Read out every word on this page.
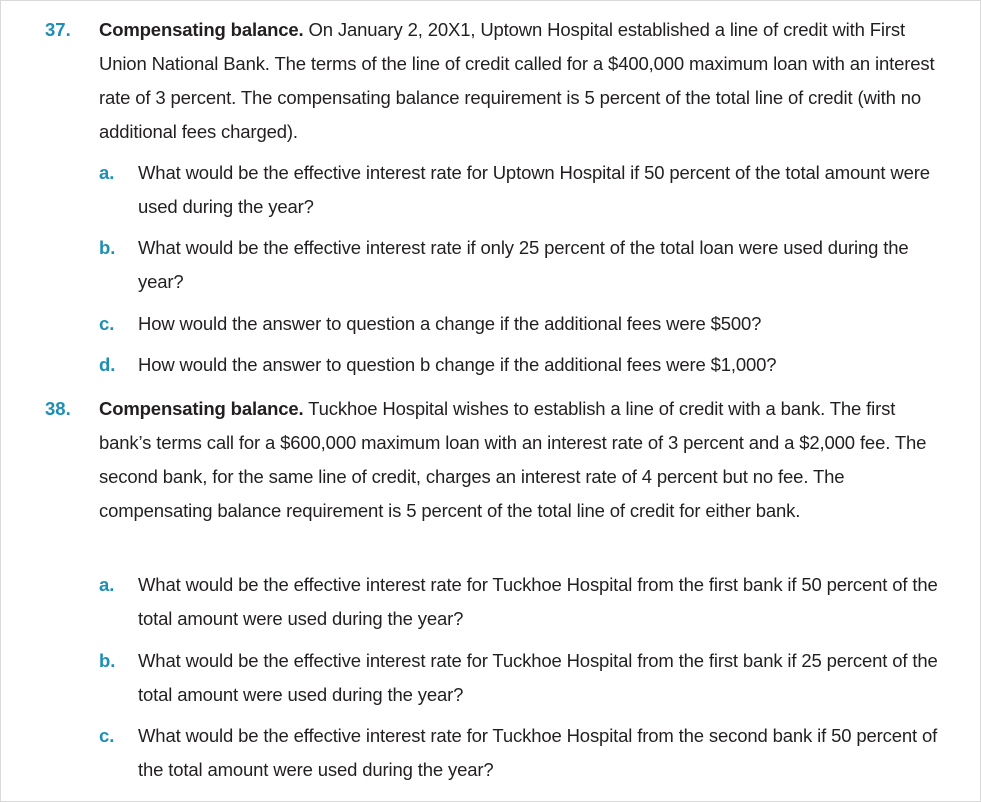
37. Compensating balance. On January 2, 20X1, Uptown Hospital established a line of credit with First Union National Bank. The terms of the line of credit called for a $400,000 maximum loan with an interest rate of 3 percent. The compensating balance requirement is 5 percent of the total line of credit (with no additional fees charged).
a. What would be the effective interest rate for Uptown Hospital if 50 percent of the total amount were used during the year?
b. What would be the effective interest rate if only 25 percent of the total loan were used during the year?
c. How would the answer to question a change if the additional fees were $500?
d. How would the answer to question b change if the additional fees were $1,000?
38. Compensating balance. Tuckhoe Hospital wishes to establish a line of credit with a bank. The first bank’s terms call for a $600,000 maximum loan with an interest rate of 3 percent and a $2,000 fee. The second bank, for the same line of credit, charges an interest rate of 4 percent but no fee. The compensating balance requirement is 5 percent of the total line of credit for either bank.
a. What would be the effective interest rate for Tuckhoe Hospital from the first bank if 50 percent of the total amount were used during the year?
b. What would be the effective interest rate for Tuckhoe Hospital from the first bank if 25 percent of the total amount were used during the year?
c. What would be the effective interest rate for Tuckhoe Hospital from the second bank if 50 percent of the total amount were used during the year?
